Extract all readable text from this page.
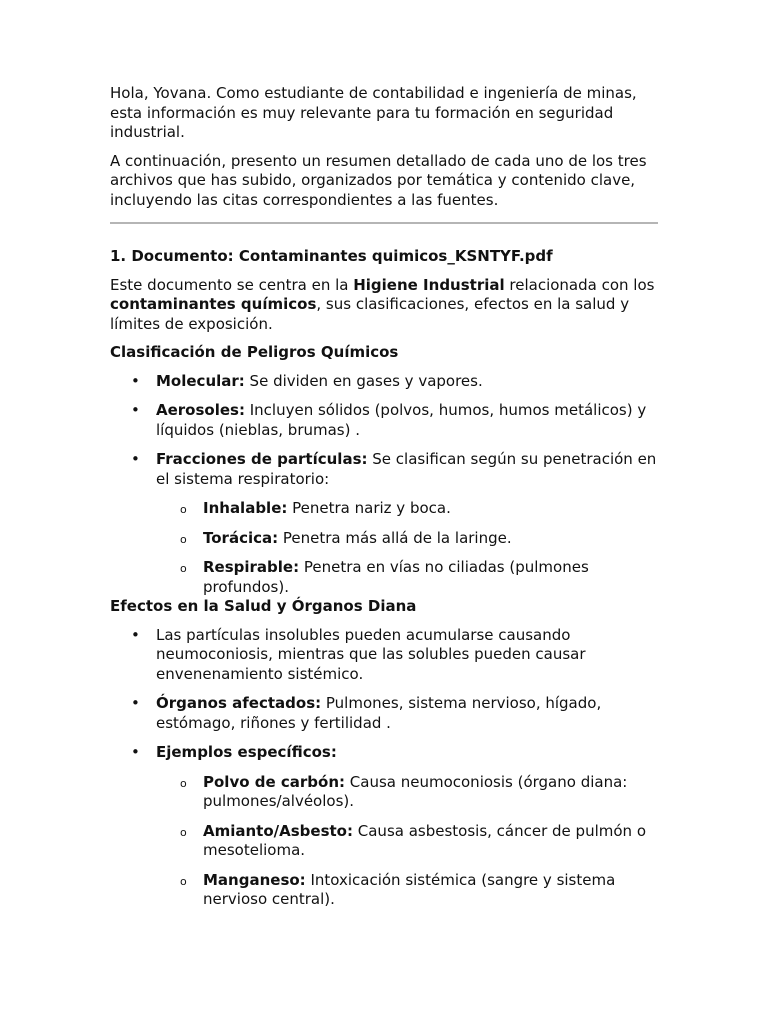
Hola, Yovana. Como estudiante de contabilidad e ingeniería de minas, esta información es muy relevante para tu formación en seguridad industrial.

A continuación, presento un resumen detallado de cada uno de los tres archivos que has subido, organizados por temática y contenido clave, incluyendo las citas correspondientes a las fuentes.

1. Documento: Contaminantes quimicos_KSNTYF.pdf

Este documento se centra en la Higiene Industrial relacionada con los contaminantes químicos, sus clasificaciones, efectos en la salud y límites de exposición.

Clasificación de Peligros Químicos

• Molecular: Se dividen en gases y vapores.
• Aerosoles: Incluyen sólidos (polvos, humos, humos metálicos) y líquidos (nieblas, brumas) .
• Fracciones de partículas: Se clasifican según su penetración en el sistema respiratorio:
o Inhalable: Penetra nariz y boca.
o Torácica: Penetra más allá de la laringe.
o Respirable: Penetra en vías no ciliadas (pulmones profundos).

Efectos en la Salud y Órganos Diana

• Las partículas insolubles pueden acumularse causando neumoconiosis, mientras que las solubles pueden causar envenenamiento sistémico.
• Órganos afectados: Pulmones, sistema nervioso, hígado, estómago, riñones y fertilidad .
• Ejemplos específicos:
o Polvo de carbón: Causa neumoconiosis (órgano diana: pulmones/alvéolos).
o Amianto/Asbesto: Causa asbestosis, cáncer de pulmón o mesotelioma.
o Manganeso: Intoxicación sistémica (sangre y sistema nervioso central).
